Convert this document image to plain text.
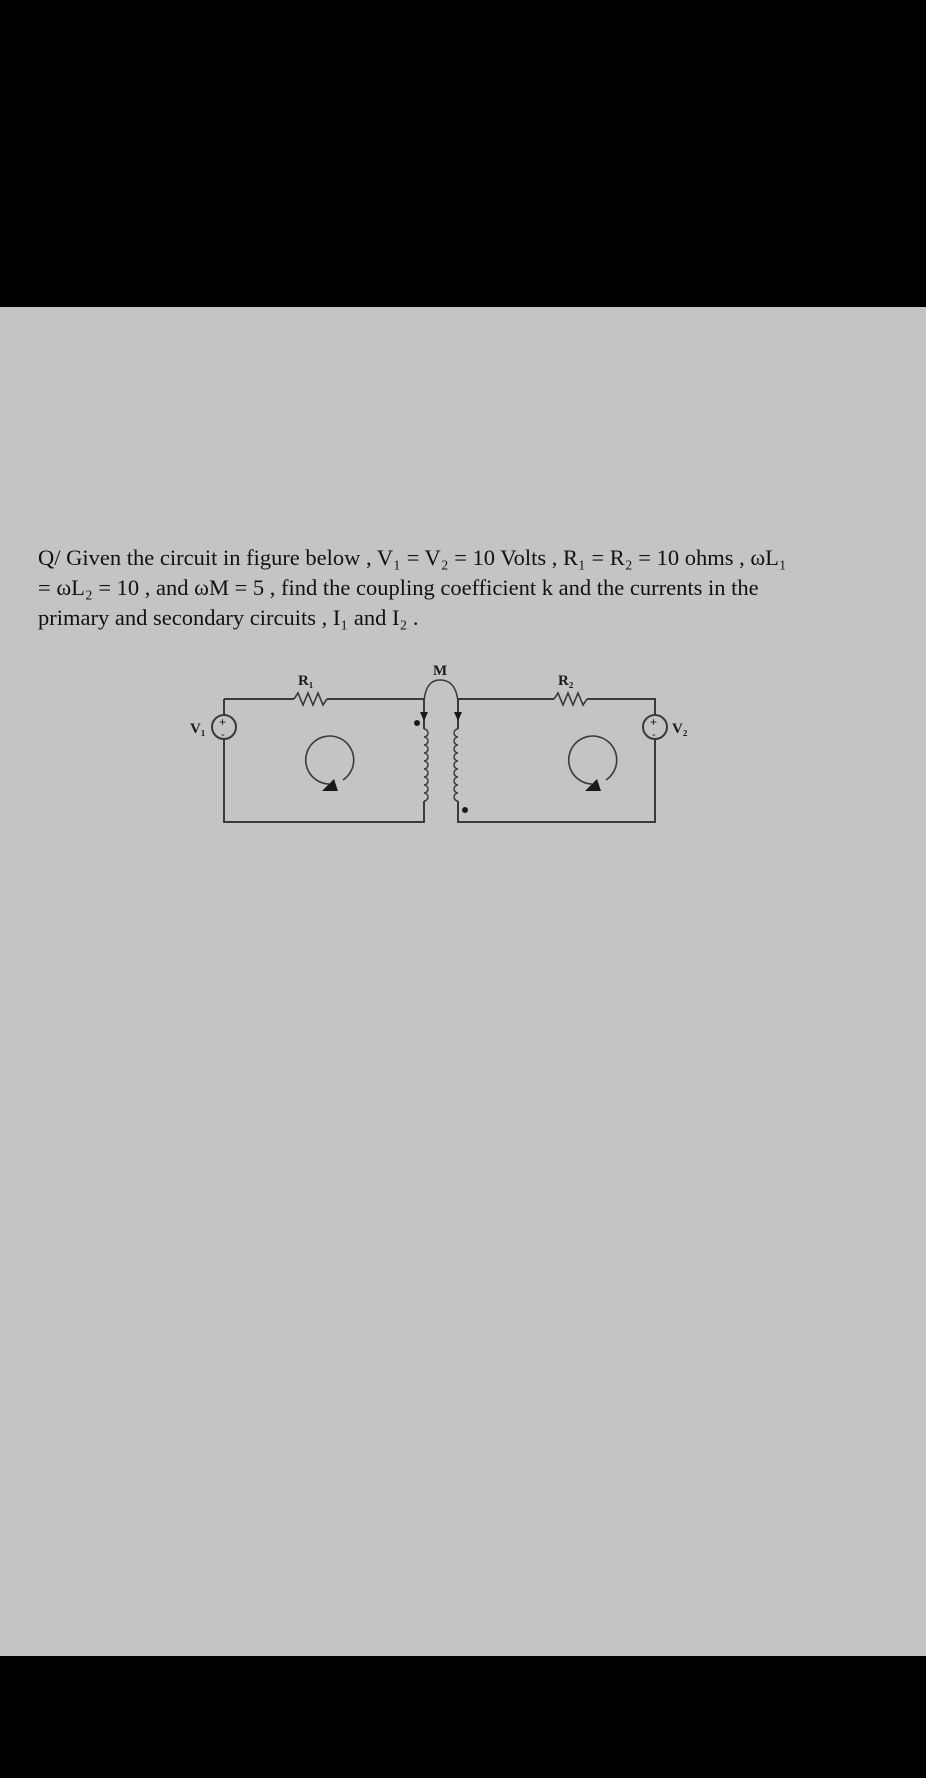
Q/ Given the circuit in figure below , V₁ = V₂ = 10 Volts , R₁ = R₂ = 10 ohms , ωL₁
= ωL₂ = 10 , and ωM = 5 , find the coupling coefficient k and the currents in the
primary and secondary circuits , I₁ and I₂ .

M
R₁	R₂
V₁	V₂
+
-
+
-
